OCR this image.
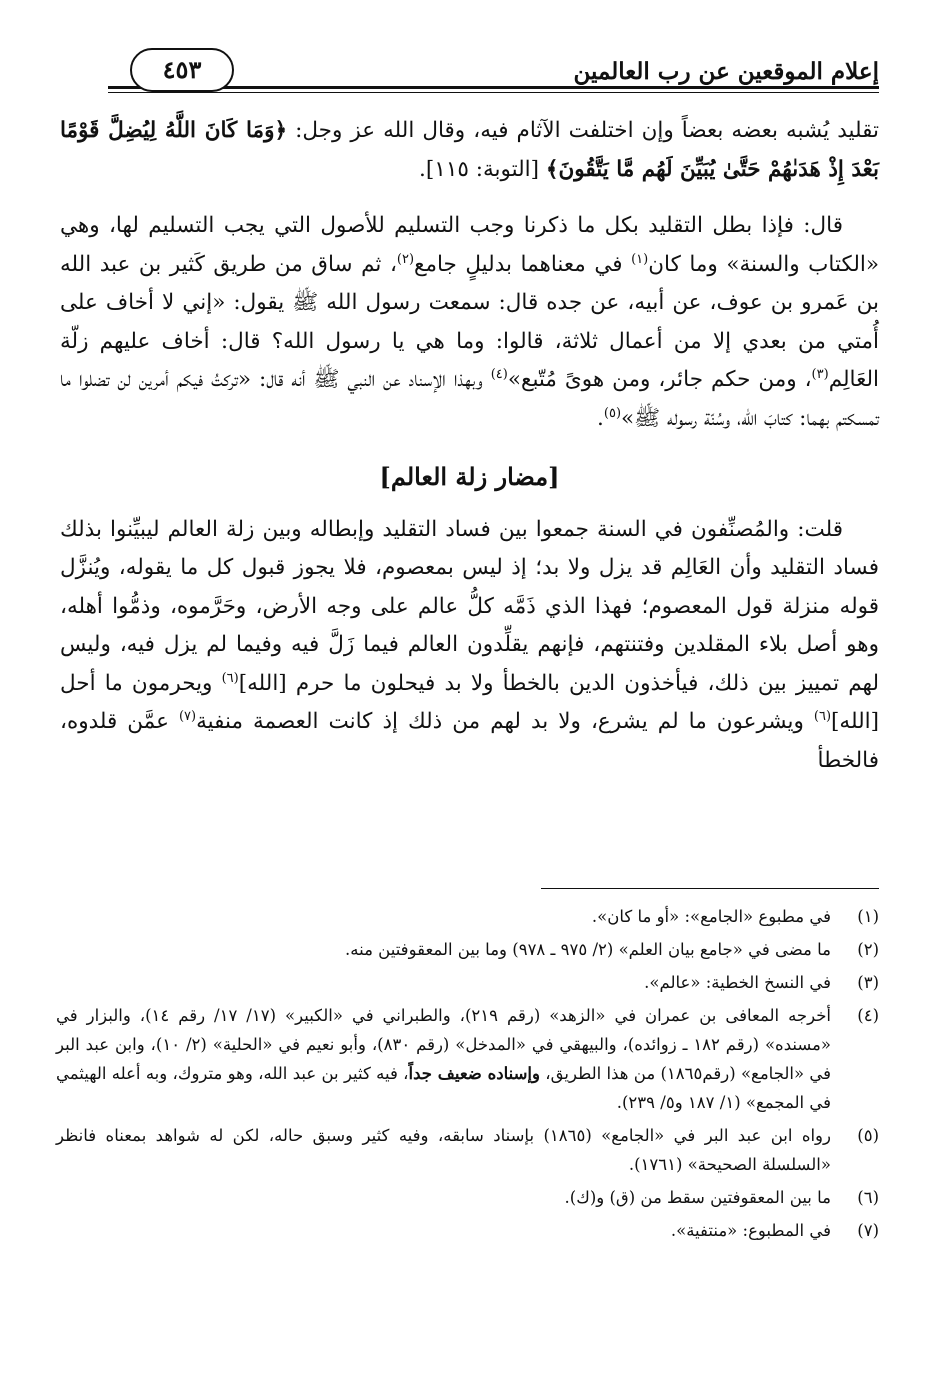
إعلام الموقعين عن رب العالمين
٤٥٣

تقليد يُشبه بعضه بعضاً وإن اختلفت الآثام فيه، وقال الله عز وجل: ﴿وَمَا كَانَ اللَّهُ لِيُضِلَّ قَوْمًا بَعْدَ إِذْ هَدَىٰهُمْ حَتَّىٰ يُبَيِّنَ لَهُم مَّا يَتَّقُونَ﴾ [التوبة: ١١٥].

قال: فإذا بطل التقليد بكل ما ذكرنا وجب التسليم للأصول التي يجب التسليم لها، وهي «الكتاب والسنة» وما كان$^{(١)}$ في معناهما بدليلٍ جامع$^{(٢)}$، ثم ساق من طريق كَثير بن عبد الله بن عَمرو بن عوف، عن أبيه، عن جده قال: سمعت رسول الله ﷺ يقول: «إني لا أخاف على أُمتي من بعدي إلا من أعمال ثلاثة، قالوا: وما هي يا رسول الله؟ قال: أخاف عليهم زلّة العَالِم$^{(٣)}$، ومن حكم جائر، ومن هوىً مُتّبع»$^{(٤)}$ وبهذا الإسناد عن النبي ﷺ أنه قال: «تركتُ فيكم أمرين لن تضلوا ما تمسكتم بهما: كتابَ الله، وسُنّة رسوله ﷺ»$^{(٥)}$.

[مضار زلة العالم]

قلت: والمُصنِّفون في السنة جمعوا بين فساد التقليد وإبطاله وبين زلة العالم ليبيِّنوا بذلك فساد التقليد وأن العَالِم قد يزل ولا بد؛ إذ ليس بمعصوم، فلا يجوز قبول كل ما يقوله، ويُنزَّل قوله منزلة قول المعصوم؛ فهذا الذي ذَمَّه كلُّ عالم على وجه الأرض، وحَرَّموه، وذمُّوا أهله، وهو أصل بلاء المقلدين وفتنتهم، فإنهم يقلِّدون العالم فيما زَلَّ فيه وفيما لم يزل فيه، وليس لهم تمييز بين ذلك، فيأخذون الدين بالخطأ ولا بد فيحلون ما حرم [الله]$^{(٦)}$ ويحرمون ما أحل [الله]$^{(٦)}$ ويشرعون ما لم يشرع، ولا بد لهم من ذلك إذ كانت العصمة منفية$^{(٧)}$ عمَّن قلدوه، فالخطأ

(١)
في مطبوع «الجامع»: «أو ما كان».
(٢)
ما مضى في «جامع بيان العلم» (٢/ ٩٧٥ ـ ٩٧٨) وما بين المعقوفتين منه.
(٣)
في النسخ الخطية: «عالم».
(٤)
أخرجه المعافى بن عمران في «الزهد» (رقم ٢١٩)، والطبراني في «الكبير» (١٧/ ١٧/ رقم ١٤)، والبزار في «مسنده» (رقم ١٨٢ ـ زوائده)، والبيهقي في «المدخل» (رقم ٨٣٠)، وأبو نعيم في «الحلية» (٢/ ١٠)، وابن عبد البر في «الجامع» (رقم١٨٦٥) من هذا الطريق، وإسناده ضعيف جداً، فيه كثير بن عبد الله، وهو متروك، وبه أعله الهيثمي في المجمع» (١/ ١٨٧ و٥/ ٢٣٩).
(٥)
رواه ابن عبد البر في «الجامع» (١٨٦٥) بإسناد سابقه، وفيه كثير وسبق حاله، لكن له شواهد بمعناه فانظر «السلسلة الصحيحة» (١٧٦١).
(٦)
ما بين المعقوفتين سقط من (ق) و(ك).
(٧)
في المطبوع: «منتفية».
